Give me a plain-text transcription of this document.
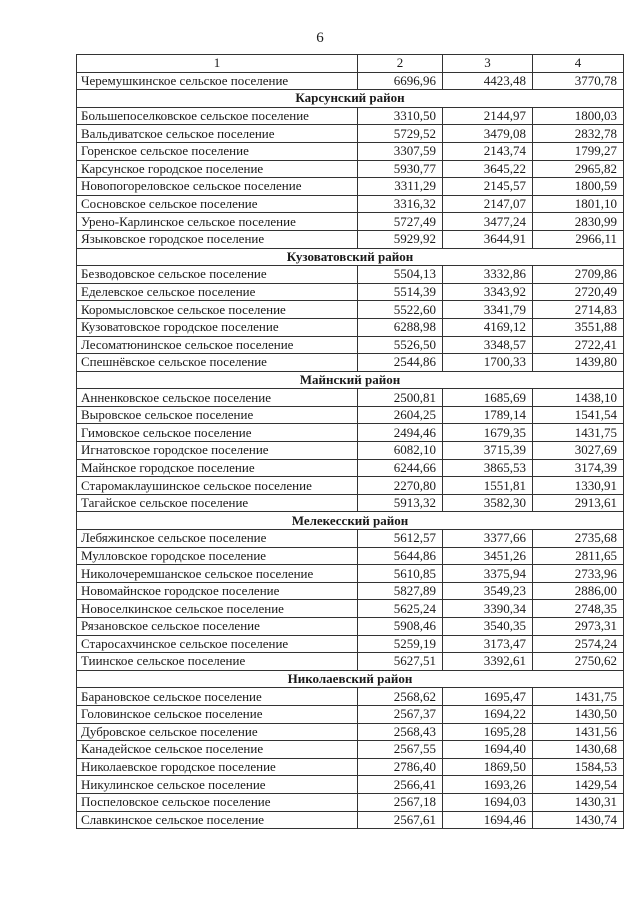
6
1	2	3	4
Черемушкинское сельское поселение	6696,96	4423,48	3770,78
Карсунский район			
Большепоселковское сельское поселение	3310,50	2144,97	1800,03
Вальдиватское сельское поселение	5729,52	3479,08	2832,78
Горенское сельское поселение	3307,59	2143,74	1799,27
Карсунское городское поселение	5930,77	3645,22	2965,82
Новопогореловское сельское поселение	3311,29	2145,57	1800,59
Сосновское сельское поселение	3316,32	2147,07	1801,10
Урено-Карлинское сельское поселение	5727,49	3477,24	2830,99
Языковское городское поселение	5929,92	3644,91	2966,11
Кузоватовский район			
Безводовское сельское поселение	5504,13	3332,86	2709,86
Еделевское сельское поселение	5514,39	3343,92	2720,49
Коромысловское сельское поселение	5522,60	3341,79	2714,83
Кузоватовское городское поселение	6288,98	4169,12	3551,88
Лесоматюнинское сельское поселение	5526,50	3348,57	2722,41
Спешнёвское сельское поселение	2544,86	1700,33	1439,80
Майнский район			
Анненковское сельское поселение	2500,81	1685,69	1438,10
Выровское сельское поселение	2604,25	1789,14	1541,54
Гимовское сельское поселение	2494,46	1679,35	1431,75
Игнатовское городское поселение	6082,10	3715,39	3027,69
Майнское городское поселение	6244,66	3865,53	3174,39
Старомаклаушинское сельское поселение	2270,80	1551,81	1330,91
Тагайское сельское поселение	5913,32	3582,30	2913,61
Мелекесский район			
Лебяжинское сельское поселение	5612,57	3377,66	2735,68
Мулловское городское поселение	5644,86	3451,26	2811,65
Николочеремшанское сельское поселение	5610,85	3375,94	2733,96
Новомайнское городское поселение	5827,89	3549,23	2886,00
Новоселкинское сельское поселение	5625,24	3390,34	2748,35
Рязановское сельское поселение	5908,46	3540,35	2973,31
Старосахчинское сельское поселение	5259,19	3173,47	2574,24
Тиинское сельское поселение	5627,51	3392,61	2750,62
Николаевский район			
Барановское сельское поселение	2568,62	1695,47	1431,75
Головинское сельское поселение	2567,37	1694,22	1430,50
Дубровское сельское поселение	2568,43	1695,28	1431,56
Канадейское сельское поселение	2567,55	1694,40	1430,68
Николаевское городское поселение	2786,40	1869,50	1584,53
Никулинское сельское поселение	2566,41	1693,26	1429,54
Поспеловское сельское поселение	2567,18	1694,03	1430,31
Славкинское сельское поселение	2567,61	1694,46	1430,74
